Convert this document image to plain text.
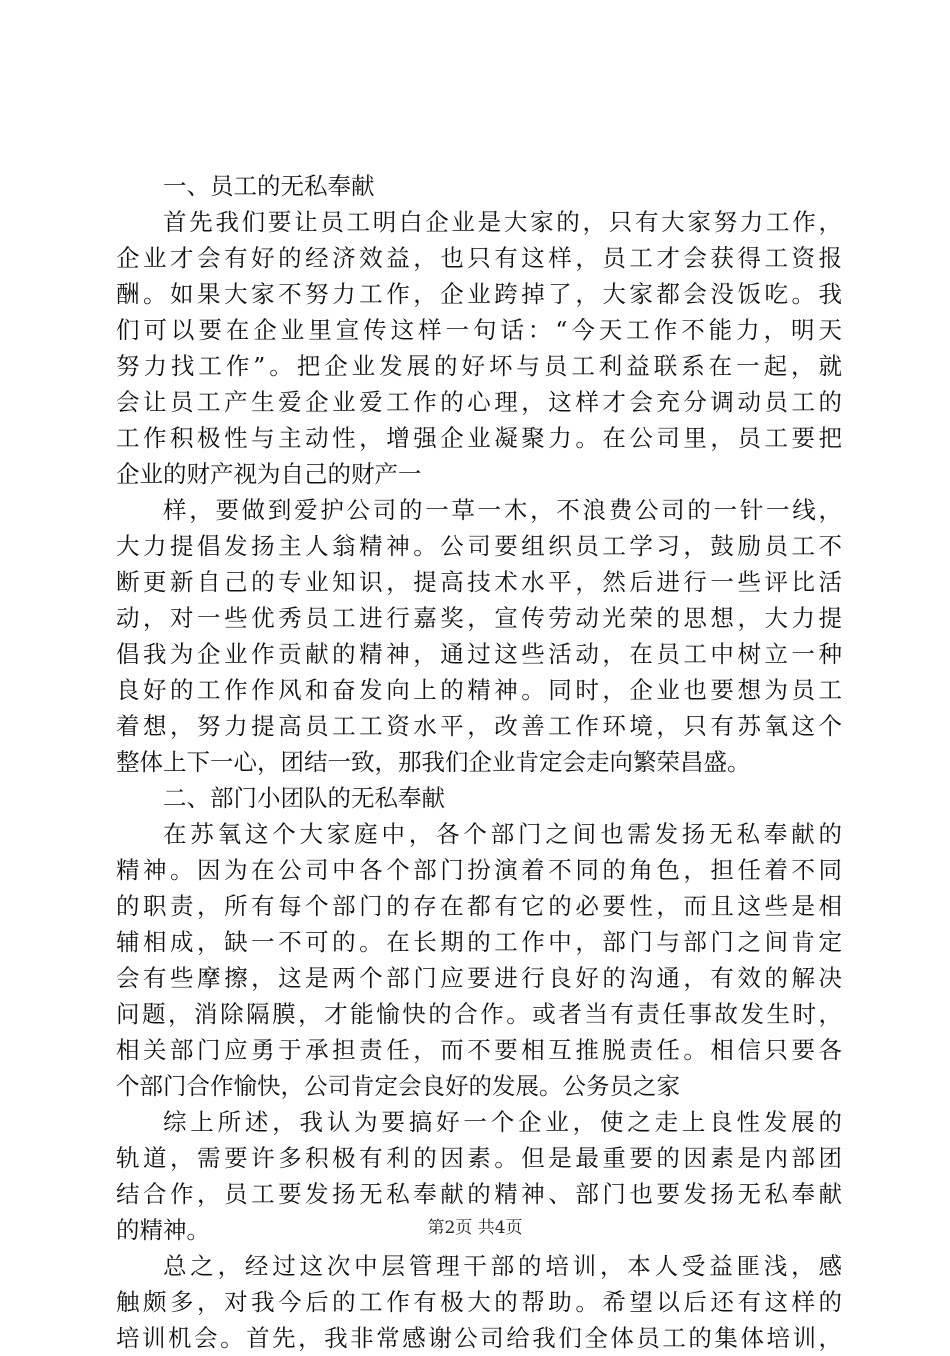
一、员工的无私奉献
首先我们要让员工明白企业是大家的，只有大家努力工作，
企业才会有好的经济效益，也只有这样，员工才会获得工资报
酬。如果大家不努力工作，企业跨掉了，大家都会没饭吃。我
们可以要在企业里宣传这样一句话：“今天工作不能力，明天
努力找工作”。把企业发展的好坏与员工利益联系在一起，就
会让员工产生爱企业爱工作的心理，这样才会充分调动员工的
工作积极性与主动性，增强企业凝聚力。在公司里，员工要把
企业的财产视为自己的财产一
样，要做到爱护公司的一草一木，不浪费公司的一针一线，
大力提倡发扬主人翁精神。公司要组织员工学习，鼓励员工不
断更新自己的专业知识，提高技术水平，然后进行一些评比活
动，对一些优秀员工进行嘉奖，宣传劳动光荣的思想，大力提
倡我为企业作贡献的精神，通过这些活动，在员工中树立一种
良好的工作作风和奋发向上的精神。同时，企业也要想为员工
着想，努力提高员工工资水平，改善工作环境，只有苏氧这个
整体上下一心，团结一致，那我们企业肯定会走向繁荣昌盛。
二、部门小团队的无私奉献
在苏氧这个大家庭中，各个部门之间也需发扬无私奉献的
精神。因为在公司中各个部门扮演着不同的角色，担任着不同
的职责，所有每个部门的存在都有它的必要性，而且这些是相
辅相成，缺一不可的。在长期的工作中，部门与部门之间肯定
会有些摩擦，这是两个部门应要进行良好的沟通，有效的解决
问题，消除隔膜，才能愉快的合作。或者当有责任事故发生时，
相关部门应勇于承担责任，而不要相互推脱责任。相信只要各
个部门合作愉快，公司肯定会良好的发展。公务员之家
综上所述，我认为要搞好一个企业，使之走上良性发展的
轨道，需要许多积极有利的因素。但是最重要的因素是内部团
结合作，员工要发扬无私奉献的精神、部门也要发扬无私奉献
的精神。
总之，经过这次中层管理干部的培训，本人受益匪浅，感
触颇多，对我今后的工作有极大的帮助。希望以后还有这样的
培训机会。首先，我非常感谢公司给我们全体员工的集体培训，
第2页 共4页
